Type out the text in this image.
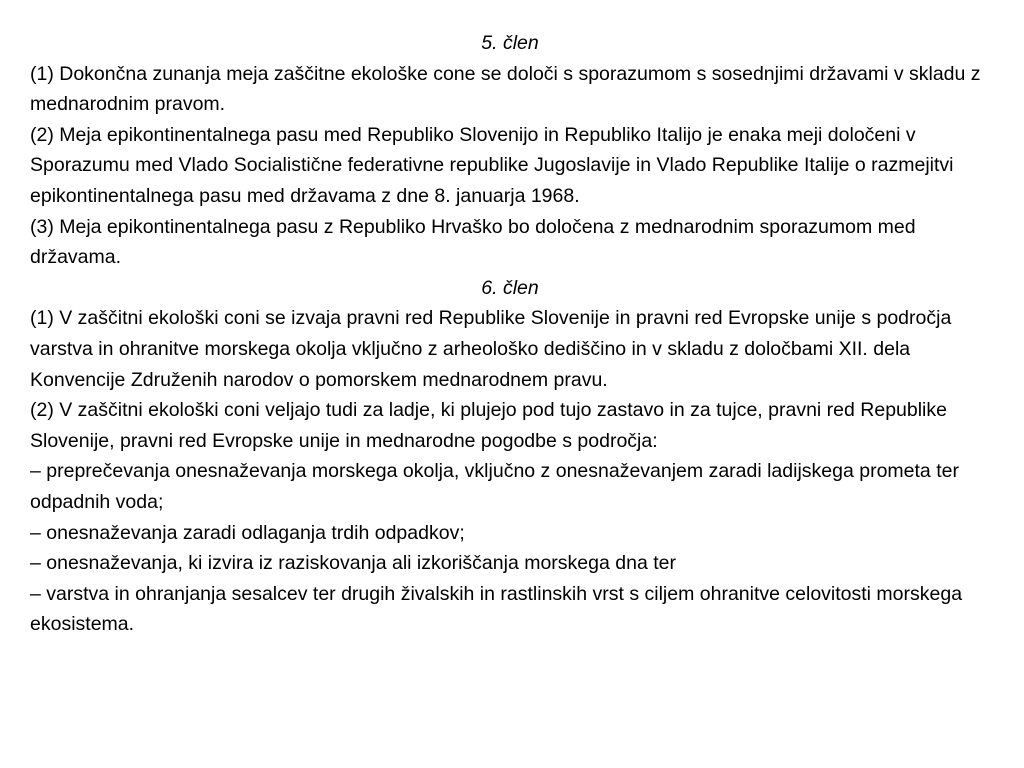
5. člen

(1) Dokončna zunanja meja zaščitne ekološke cone se določi s sporazumom s sosednjimi državami v skladu z mednarodnim pravom.

(2) Meja epikontinentalnega pasu med Republiko Slovenijo in Republiko Italijo je enaka meji določeni v Sporazumu med Vlado Socialistične federativne republike Jugoslavije in Vlado Republike Italije o razmejitvi epikontinentalnega pasu med državama z dne 8. januarja 1968.

(3) Meja epikontinentalnega pasu z Republiko Hrvaško bo določena z mednarodnim sporazumom med državama.

6. člen

(1) V zaščitni ekološki coni se izvaja pravni red Republike Slovenije in pravni red Evropske unije s področja varstva in ohranitve morskega okolja vključno z arheološko dediščino in v skladu z določbami XII. dela Konvencije Združenih narodov o pomorskem mednarodnem pravu.

(2) V zaščitni ekološki coni veljajo tudi za ladje, ki plujejo pod tujo zastavo in za tujce, pravni red Republike Slovenije, pravni red Evropske unije in mednarodne pogodbe s področja:

– preprečevanja onesnaževanja morskega okolja, vključno z onesnaževanjem zaradi ladijskega prometa ter odpadnih voda;

– onesnaževanja zaradi odlaganja trdih odpadkov;

– onesnaževanja, ki izvira iz raziskovanja ali izkoriščanja morskega dna ter

– varstva in ohranjanja sesalcev ter drugih živalskih in rastlinskih vrst s ciljem ohranitve celovitosti morskega ekosistema.
